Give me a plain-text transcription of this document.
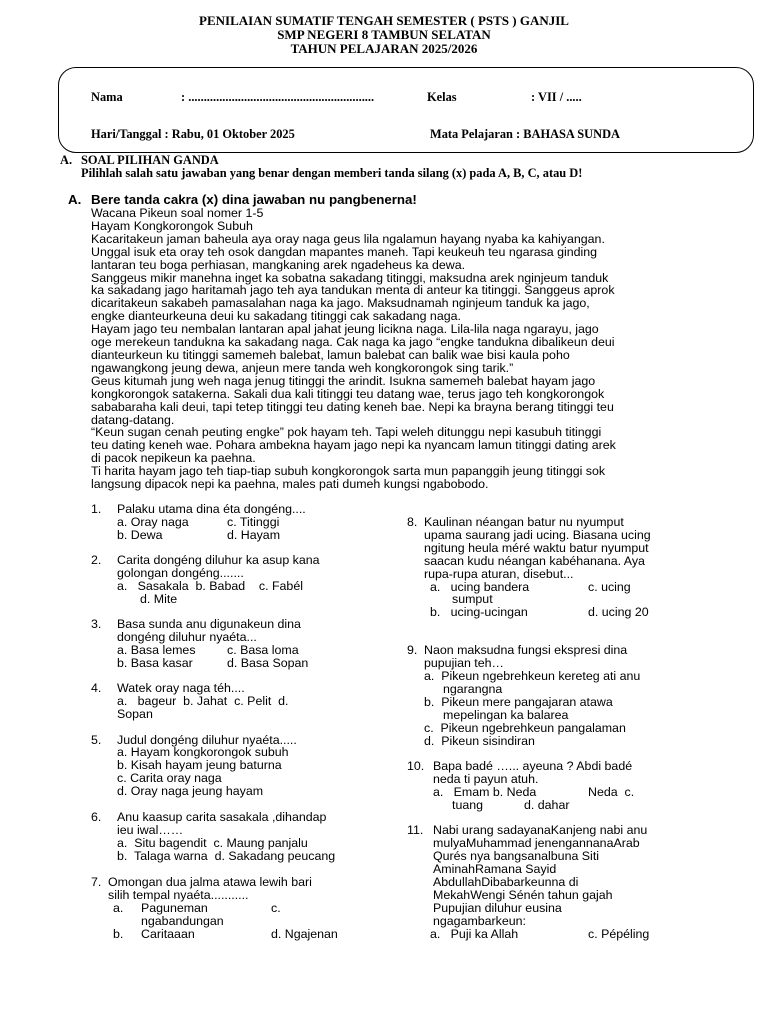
PENILAIAN SUMATIF TENGAH SEMESTER ( PSTS ) GANJIL
SMP NEGERI 8 TAMBUN SELATAN
TAHUN PELAJARAN 2025/2026
Nama	: ............................................................	Kelas	: VII / .....
Hari/Tanggal : Rabu, 01 Oktober 2025	Mata Pelajaran : BAHASA SUNDA
A. SOAL PILIHAN GANDA
Pilihlah salah satu jawaban yang benar dengan memberi tanda silang (x) pada A, B, C, atau D!
A. Bere tanda cakra (x) dina jawaban nu pangbenerna!

Wacana Pikeun soal nomer 1-5

Hayam Kongkorongok Subuh

Kacaritakeun jaman baheula aya oray naga geus lila ngalamun hayang nyaba ka kahiyangan.

Unggal isuk eta oray teh osok dangdan mapantes maneh. Tapi keukeuh teu ngarasa ginding

lantaran teu boga perhiasan, mangkaning arek ngadeheus ka dewa.

Sanggeus mikir manehna inget ka sobatna sakadang titinggi, maksudna arek nginjeum tanduk

ka sakadang jago haritamah jago teh aya tandukan menta di anteur ka titinggi. Sanggeus aprok

dicaritakeun sakabeh pamasalahan naga ka jago. Maksudnamah nginjeum tanduk ka jago,

engke dianteurkeuna deui ku sakadang titinggi cak sakadang naga.

Hayam jago teu nembalan lantaran apal jahat jeung licikna naga. Lila-lila naga ngarayu, jago

oge merekeun tandukna ka sakadang naga. Cak naga ka jago “engke tandukna dibalikeun deui

dianteurkeun ku titinggi samemeh balebat, lamun balebat can balik wae bisi kaula poho

ngawangkong jeung dewa, anjeun mere tanda weh kongkorongok sing tarik.”

Geus kitumah jung weh naga jenug titinggi the arindit. Isukna samemeh balebat hayam jago

kongkorongok satakerna. Sakali dua kali titinggi teu datang wae, terus jago teh kongkorongok

sababaraha kali deui, tapi tetep titinggi teu dating keneh bae. Nepi ka brayna berang titinggi teu

datang-datang.

“Keun sugan cenah peuting engke” pok hayam teh. Tapi weleh ditunggu nepi kasubuh titinggi

teu dating keneh wae. Pohara ambekna hayam jago nepi ka nyancam lamun titinggi dating arek

di pacok nepikeun ka paehna.

Ti harita hayam jago teh tiap-tiap subuh kongkorongok sarta mun papanggih jeung titinggi sok

langsung dipacok nepi ka paehna, males pati dumeh kungsi ngabobodo.

1. Palaku utama dina éta dongéng....
a. Oray naga	c. Titinggi
b. Dewa	d. Hayam
2. Carita dongéng diluhur ka asup kana
golongan dongéng.......
a.   Sasakala  b. Babad    c. Fabél
d. Mite
3. Basa sunda anu digunakeun dina
dongéng diluhur nyaéta...
a. Basa lemes	c. Basa loma
b. Basa kasar	d. Basa Sopan
4. Watek oray naga téh....
a.   bageur  b. Jahat  c. Pelit  d.
Sopan
5. Judul dongéng diluhur nyaéta.....
a. Hayam kongkorongok subuh
b. Kisah hayam jeung baturna
c. Carita oray naga
d. Oray naga jeung hayam
6. Anu kaasup carita sasakala ,dihandap
ieu iwal……
a.  Situ bagendit  c. Maung panjalu
b.  Talaga warna  d. Sakadang peucang
7. Omongan dua jalma atawa lewih bari
silih tempal nyaéta...........
a. Paguneman	c.
ngabandungan
b. Caritaaan	d. Ngajenan
8. Kaulinan néangan batur nu nyumput
upama saurang jadi ucing. Biasana ucing
ngitung heula méré waktu batur nyumput
saacan kudu néangan kabéhanana. Aya
rupa-rupa aturan, disebut...
a.   ucing bandera	c. ucing
sumput
b.   ucing-ucingan	d. ucing 20
9. Naon maksudna fungsi ekspresi dina
pupujian teh…
a.  Pikeun ngebrehkeun kereteg ati anu
ngarangna
b.  Pikeun mere pangajaran atawa
mepelingan ka balarea
c.  Pikeun ngebrehkeun pangalaman
d.  Pikeun sisindiran
10. Bapa badé …... ayeuna ? Abdi badé
neda ti payun atuh.
a.   Emam b. Neda	Neda  c.
tuang	d. dahar
11. Nabi urang sadayanaKanjeng nabi anu
mulyaMuhammad jenengannanaArab
Qurés nya bangsanalbuna Siti
AminahRamana Sayid
AbdullahDibabarkeunna di
MekahWengi Sénén tahun gajah
Pupujian diluhur eusina
ngagambarkeun:
a.   Puji ka Allah	c. Pépéling
